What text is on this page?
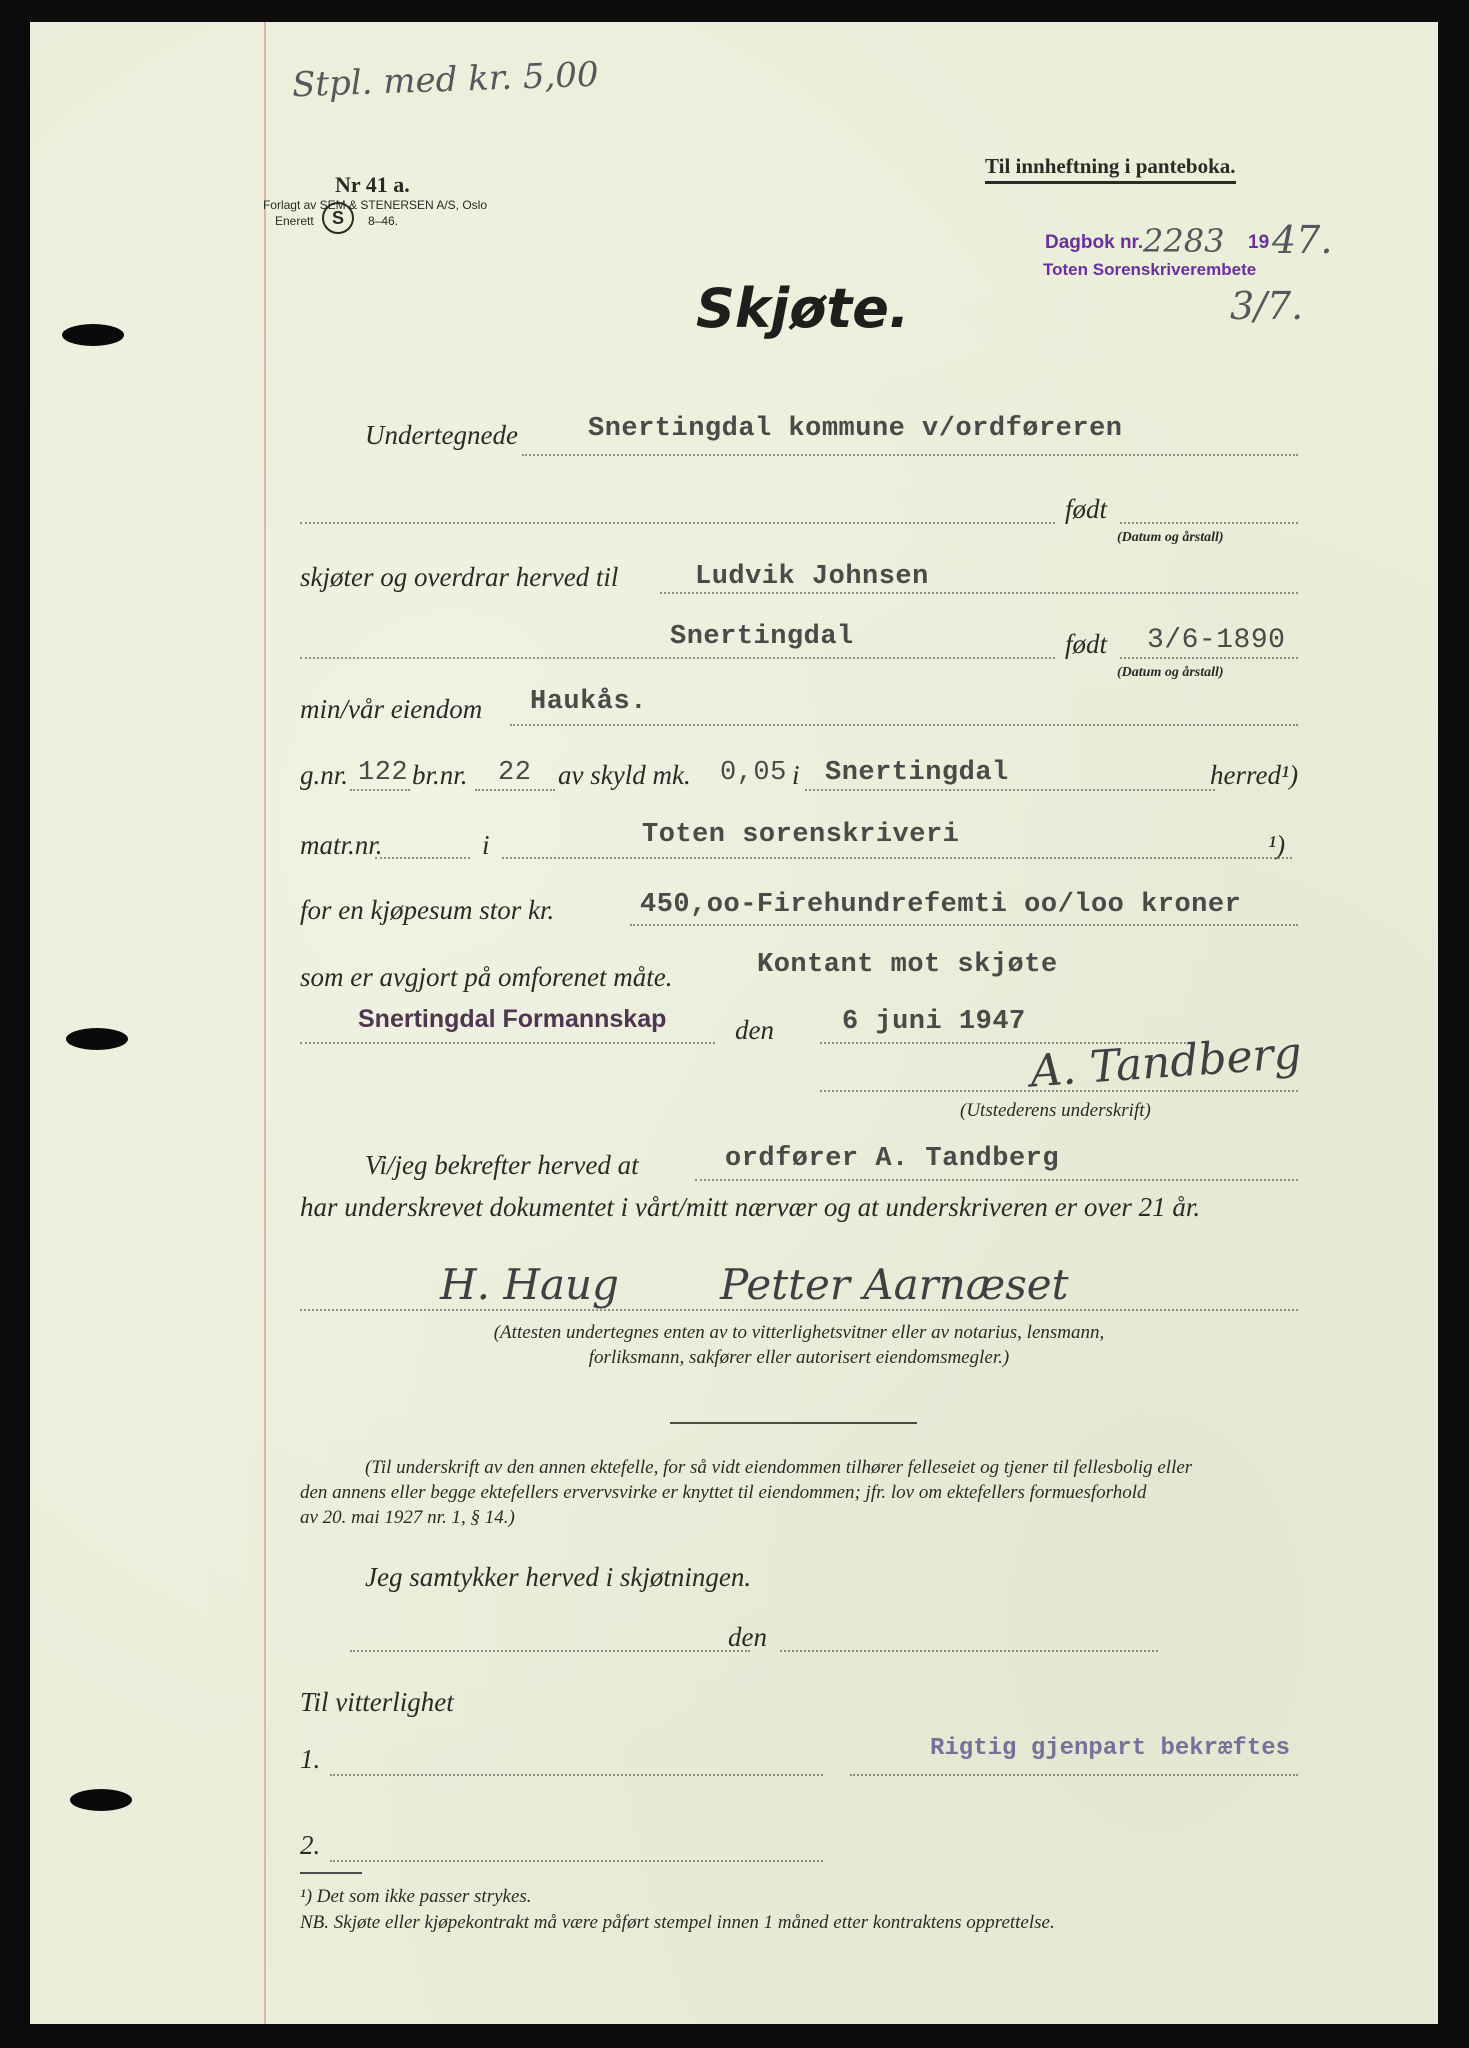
Stpl. med kr. 5,00
Nr 41 a.
Forlagt av SEM & STENERSEN A/S, Oslo
Enerett	S	8–46.
Til innheftning i panteboka.
Dagbok nr. 2283 19 47.
Toten Sorenskriverembete
3/7.
Skjøte.
Undertegnede	Snertingdal kommune v/ordføreren
født
(Datum og årstall)
skjøter og overdrar herved til	Ludvik Johnsen
Snertingdal	født 3/6-1890
(Datum og årstall)
min/vår eiendom Haukås.
g.nr. 122 br.nr. 22 av skyld mk. 0,05 i Snertingdal	herred¹)
matr.nr.	i	Toten sorenskriveri	¹)
for en kjøpesum stor kr.	450,oo-Firehundrefemti oo/loo kroner
som er avgjort på omforenet måte.	Kontant mot skjøte
Snertingdal Formannskap	den	6 juni 1947
A. Tandberg
(Utstederens underskrift)
Vi/jeg bekrefter herved at	ordfører A. Tandberg
har underskrevet dokumentet i vårt/mitt nærvær og at underskriveren er over 21 år.
H. Haug Petter Aarnæset
(Attesten undertegnes enten av to vitterlighetsvitner eller av notarius, lensmann,
forliksmann, sakfører eller autorisert eiendomsmegler.)
(Til underskrift av den annen ektefelle, for så vidt eiendommen tilhører felleseiet og tjener til fellesbolig eller
den annens eller begge ektefellers ervervsvirke er knyttet til eiendommen; jfr. lov om ektefellers formuesforhold
av 20. mai 1927 nr. 1, § 14.)
Jeg samtykker herved i skjøtningen.
den
Til vitterlighet
1.	Rigtig gjenpart bekræftes
2.
¹) Det som ikke passer strykes.
NB. Skjøte eller kjøpekontrakt må være påført stempel innen 1 måned etter kontraktens opprettelse.
